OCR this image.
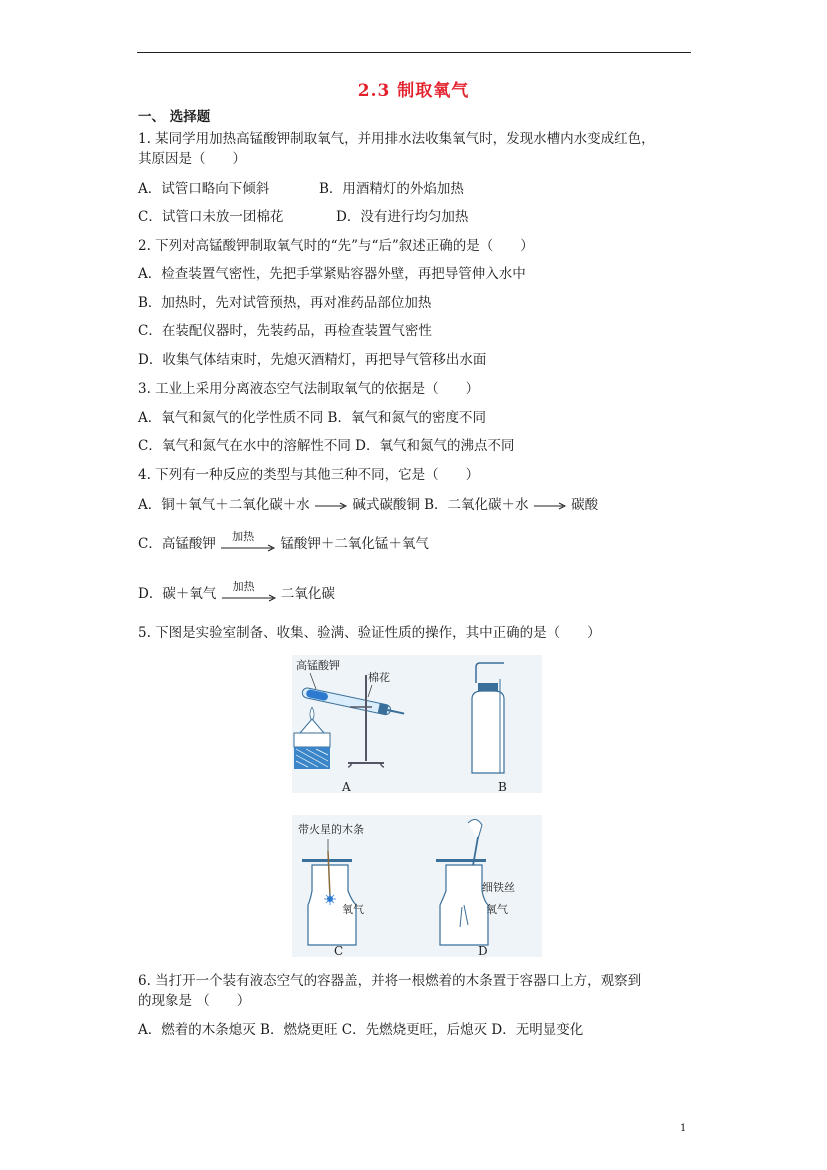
2.3 制取氧气
一、 选择题
1. 某同学用加热高锰酸钾制取氧气，并用排水法收集氧气时，发现水槽内水变成红色，
其原因是（　　）
A．试管口略向下倾斜	B．用酒精灯的外焰加热
C．试管口未放一团棉花	D．没有进行均匀加热
2. 下列对高锰酸钾制取氧气时的“先”与“后”叙述正确的是（　　）
A．检查装置气密性，先把手掌紧贴容器外壁，再把导管伸入水中
B．加热时，先对试管预热，再对准药品部位加热
C．在装配仪器时，先装药品，再检查装置气密性
D．收集气体结束时，先熄灭酒精灯，再把导气管移出水面
3. 工业上采用分离液态空气法制取氧气的依据是（　　）
A．氧气和氮气的化学性质不同 B．氧气和氮气的密度不同
C．氧气和氮气在水中的溶解性不同 D．氧气和氮气的沸点不同
4. 下列有一种反应的类型与其他三种不同，它是（　　）
A．铜＋氧气＋二氧化碳＋水	碱式碳酸铜 B．二氧化碳＋水	碳酸
C．高锰酸钾 加热 锰酸钾＋二氧化锰＋氧气
D．碳＋氧气 加热 二氧化碳
5. 下图是实验室制备、收集、验满、验证性质的操作，其中正确的是（　　）
高锰酸钾
棉花
A	B
带火星的木条
氧气
C
细铁丝
氧气
D
6. 当打开一个装有液态空气的容器盖，并将一根燃着的木条置于容器口上方，观察到
的现象是 （　　）
A．燃着的木条熄灭 B．燃烧更旺 C．先燃烧更旺，后熄灭 D．无明显变化
1
